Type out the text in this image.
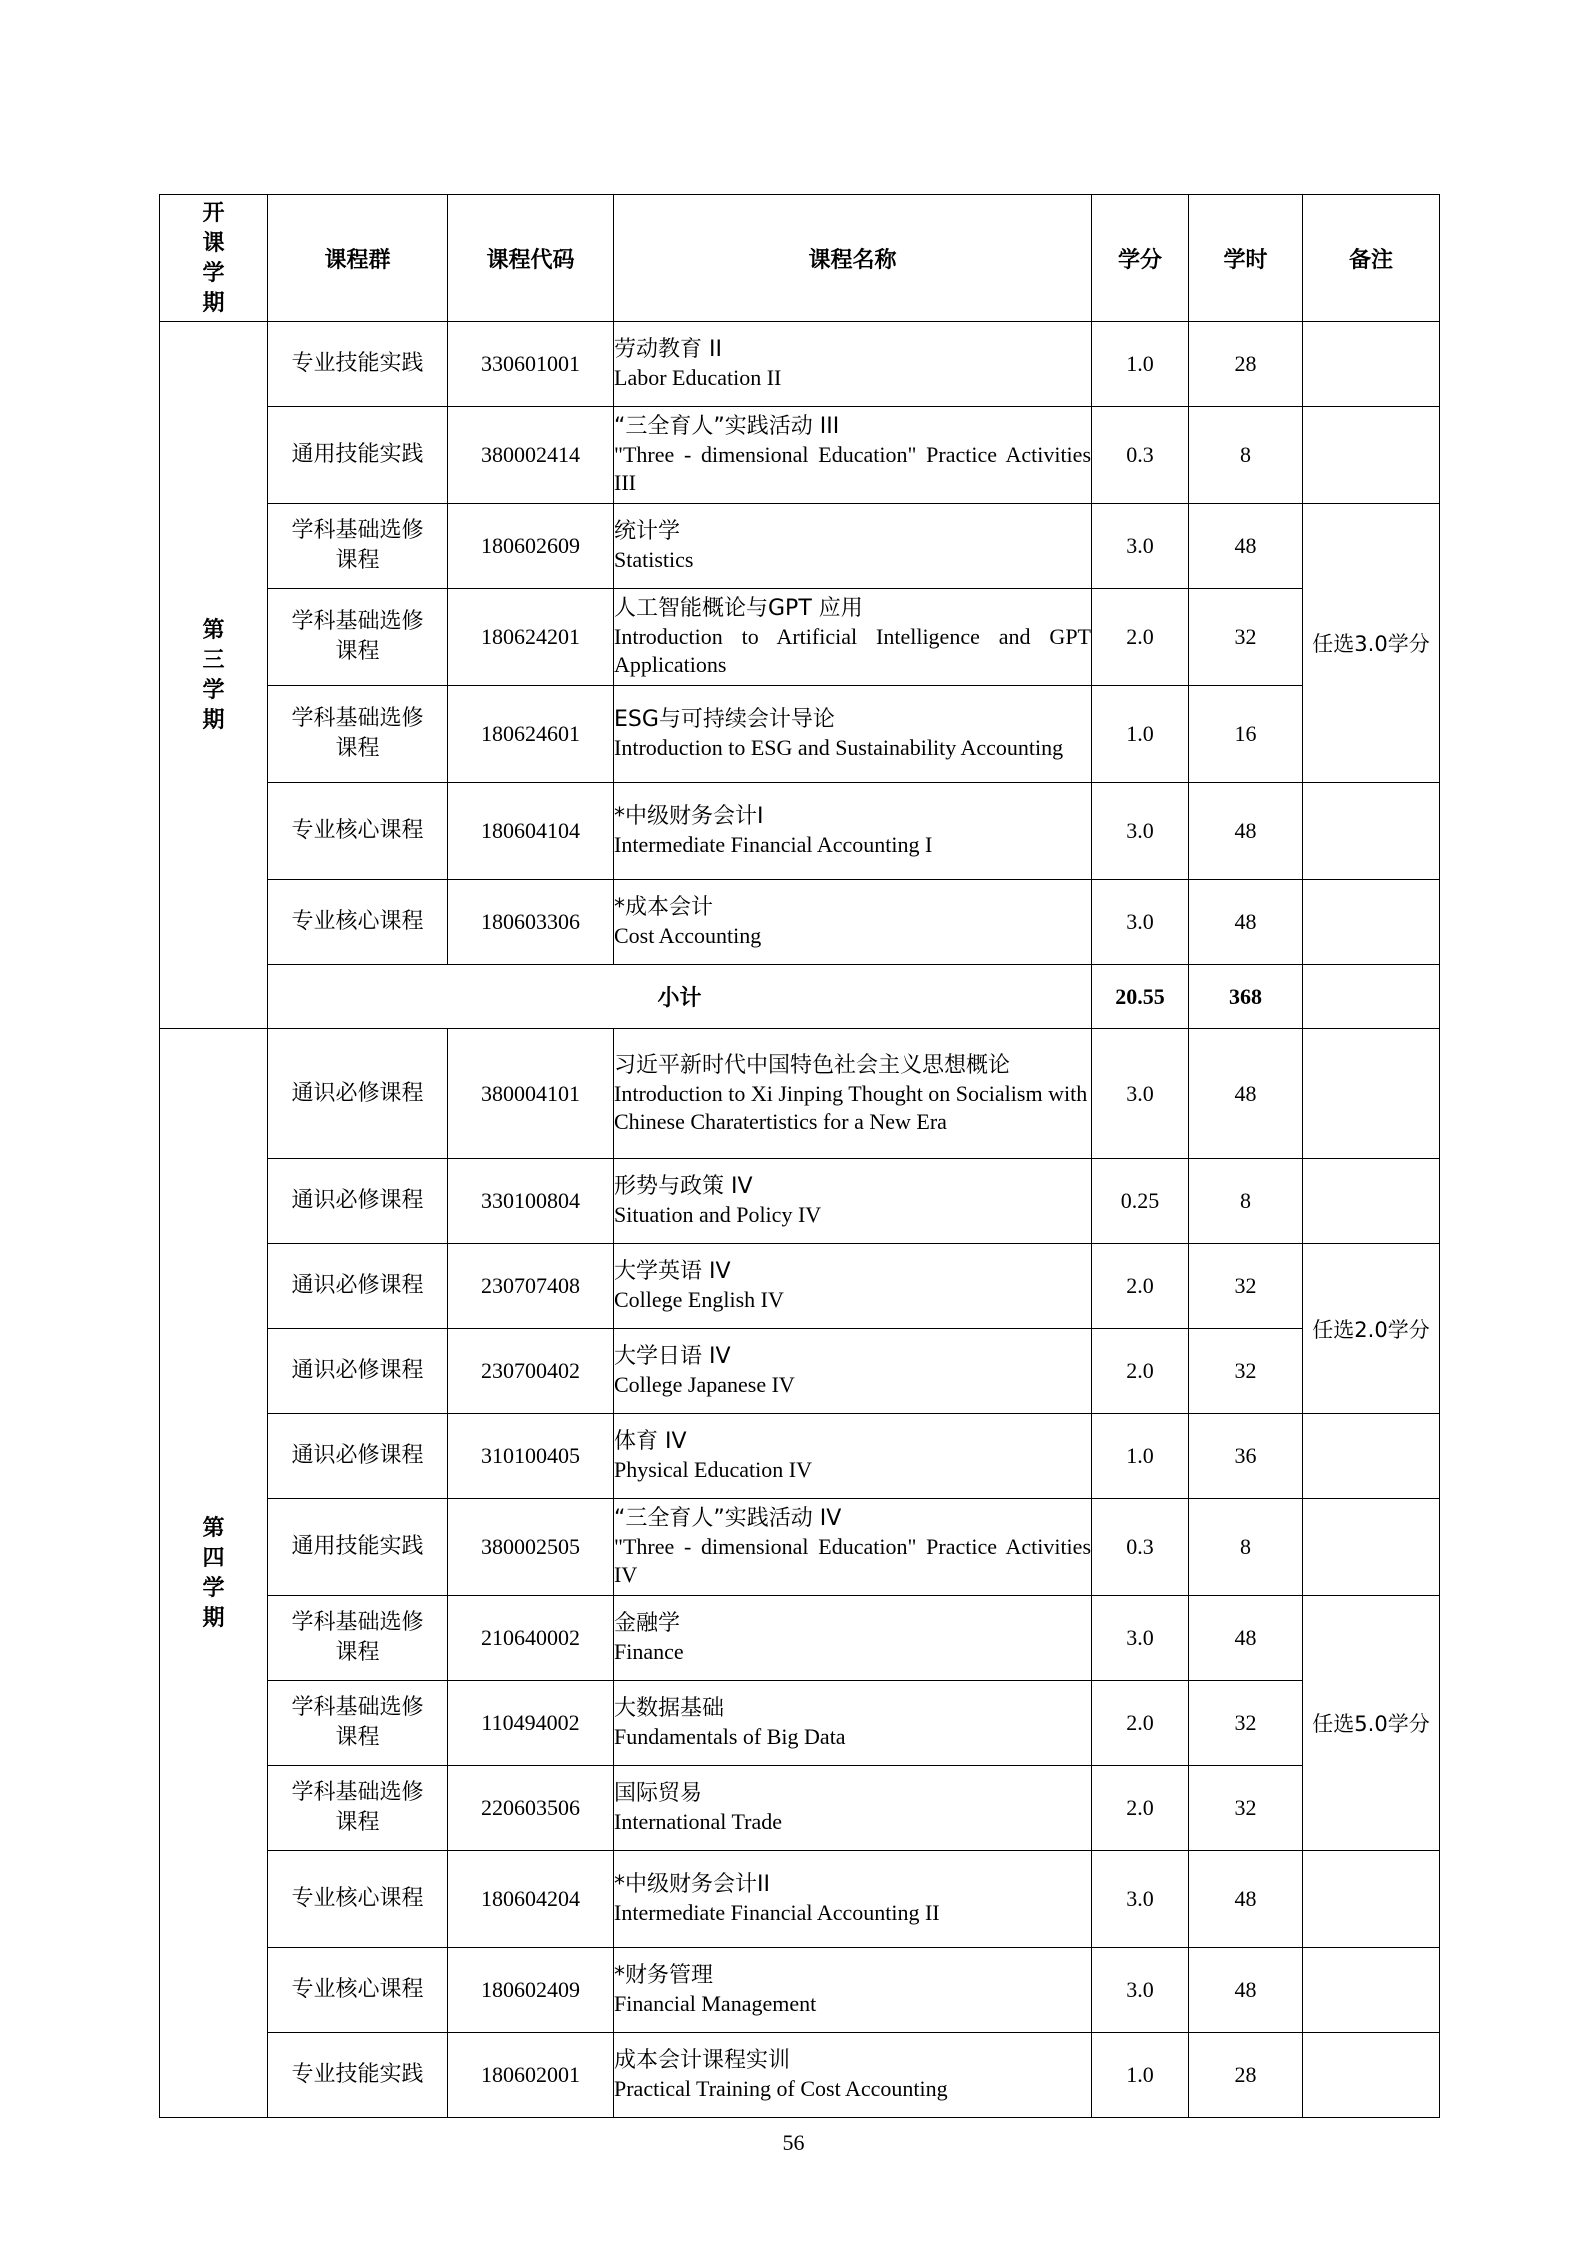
开
课
学
期	课程群	课程代码	课程名称	学分	学时	备注

第
三
学
期	专业技能实践	330601001	劳动教育 II
Labor Education II	1.0	28	
	通用技能实践	380002414	“三全育人”实践活动 III
"Three - dimensional Education" Practice Activities III	0.3	8	
	学科基础选修
课程	180602609	统计学
Statistics	3.0	48	任选3.0学分
	学科基础选修
课程	180624201	人工智能概论与GPT 应用
Introduction to Artificial Intelligence and GPT Applications	2.0	32	
	学科基础选修
课程	180624601	ESG与可持续会计导论
Introduction to ESG and Sustainability Accounting	1.0	16	
	专业核心课程	180604104	*中级财务会计I
Intermediate Financial Accounting I	3.0	48	
	专业核心课程	180603306	*成本会计
Cost Accounting	3.0	48	
	小计			20.55	368	

第
四
学
期	通识必修课程	380004101	习近平新时代中国特色社会主义思想概论
Introduction to Xi Jinping Thought on Socialism with Chinese Charatertistics for a New Era	3.0	48	
	通识必修课程	330100804	形势与政策 IV
Situation and Policy IV	0.25	8	
	通识必修课程	230707408	大学英语 IV
College English IV	2.0	32	任选2.0学分
	通识必修课程	230700402	大学日语 IV
College Japanese IV	2.0	32	
	通识必修课程	310100405	体育 IV
Physical Education IV	1.0	36	
	通用技能实践	380002505	“三全育人”实践活动 IV
"Three - dimensional Education" Practice Activities IV	0.3	8	
	学科基础选修
课程	210640002	金融学
Finance	3.0	48	任选5.0学分
	学科基础选修
课程	110494002	大数据基础
Fundamentals of Big Data	2.0	32	
	学科基础选修
课程	220603506	国际贸易
International Trade	2.0	32	
	专业核心课程	180604204	*中级财务会计II
Intermediate Financial Accounting II	3.0	48	
	专业核心课程	180602409	*财务管理
Financial Management	3.0	48	
	专业技能实践	180602001	成本会计课程实训
Practical Training of Cost Accounting	1.0	28	
56
